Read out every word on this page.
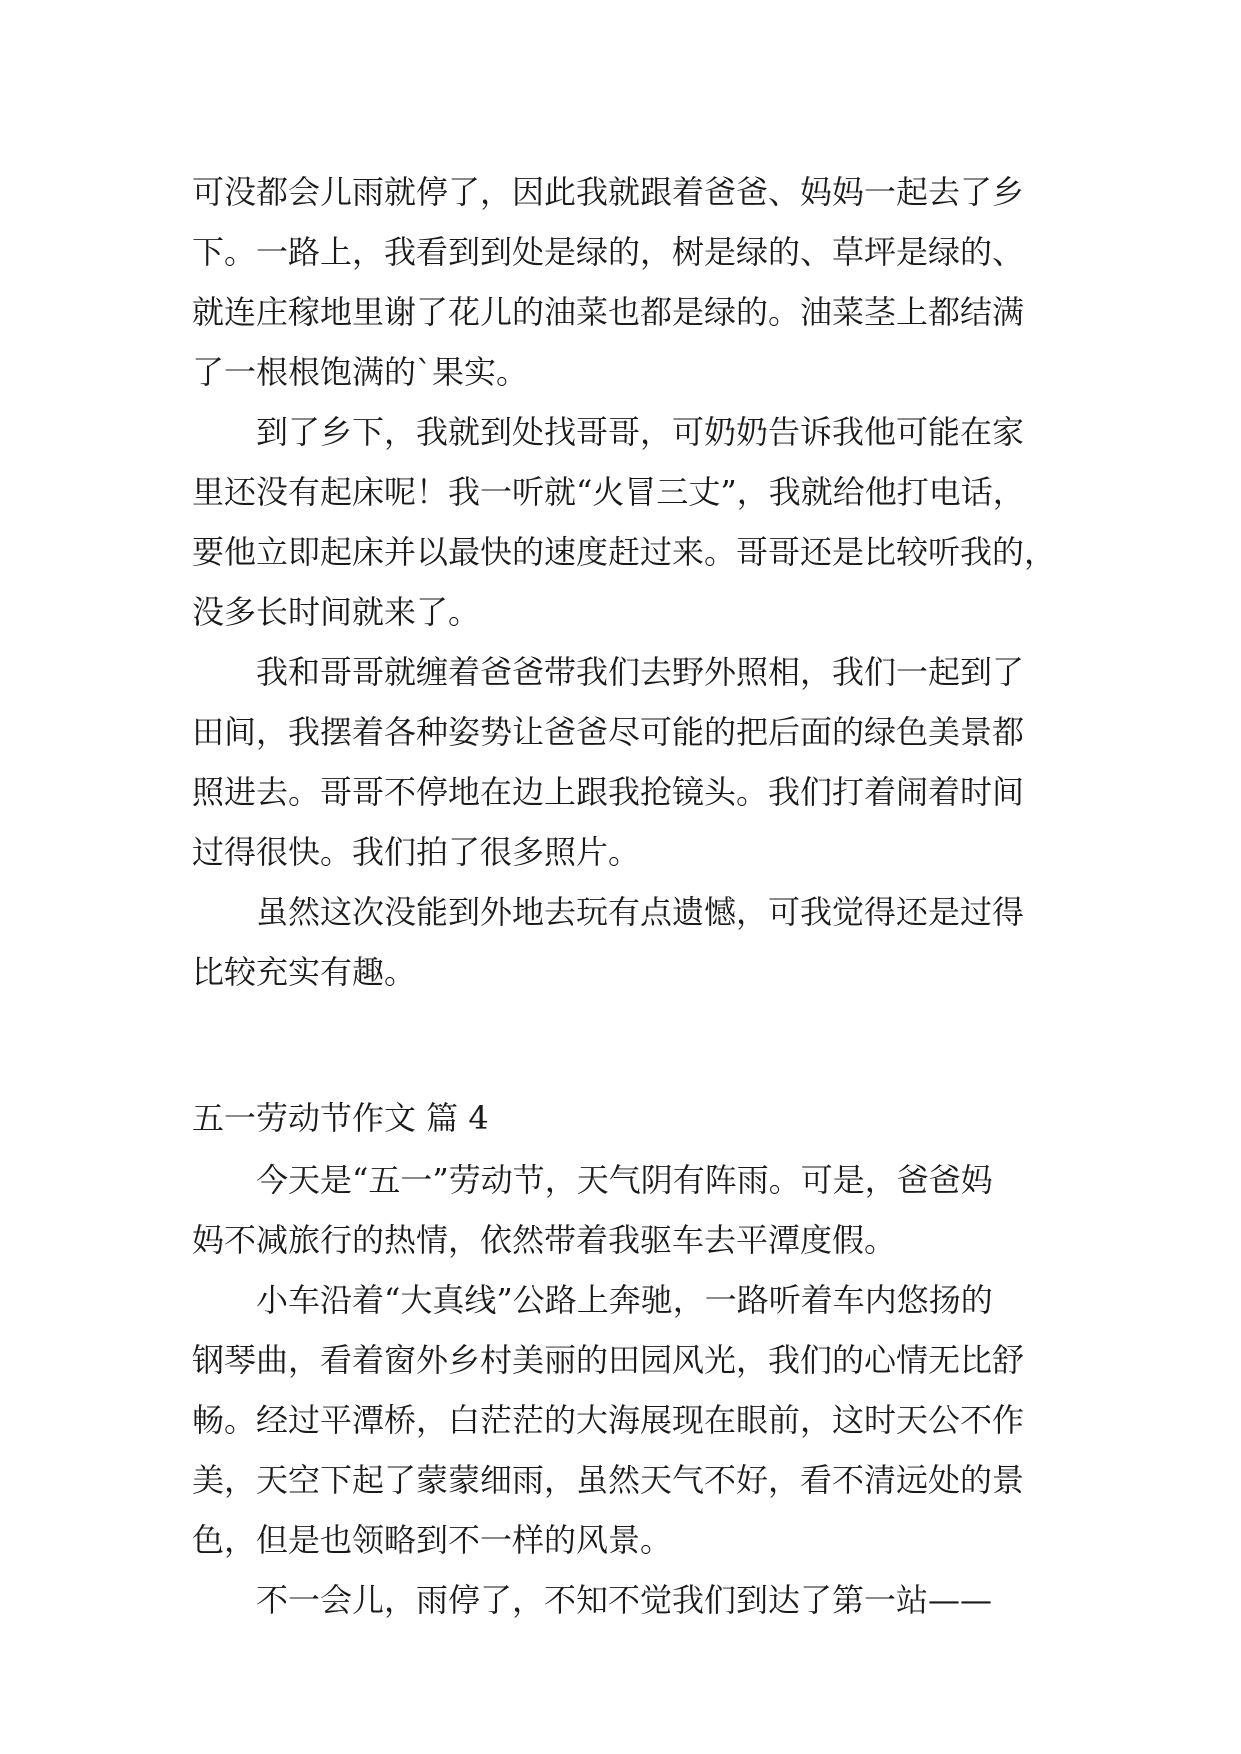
可没都会儿雨就停了，因此我就跟着爸爸、妈妈一起去了乡
下。一路上，我看到到处是绿的，树是绿的、草坪是绿的、
就连庄稼地里谢了花儿的油菜也都是绿的。油菜茎上都结满
了一根根饱满的`果实。
到了乡下，我就到处找哥哥，可奶奶告诉我他可能在家
里还没有起床呢！我一听就“火冒三丈”，我就给他打电话，
要他立即起床并以最快的速度赶过来。哥哥还是比较听我的，
没多长时间就来了。
我和哥哥就缠着爸爸带我们去野外照相，我们一起到了
田间，我摆着各种姿势让爸爸尽可能的把后面的绿色美景都
照进去。哥哥不停地在边上跟我抢镜头。我们打着闹着时间
过得很快。我们拍了很多照片。
虽然这次没能到外地去玩有点遗憾，可我觉得还是过得
比较充实有趣。
五一劳动节作文 篇 4
今天是“五一”劳动节，天气阴有阵雨。可是，爸爸妈
妈不减旅行的热情，依然带着我驱车去平潭度假。
小车沿着“大真线”公路上奔驰，一路听着车内悠扬的
钢琴曲，看着窗外乡村美丽的田园风光，我们的心情无比舒
畅。经过平潭桥，白茫茫的大海展现在眼前，这时天公不作
美，天空下起了蒙蒙细雨，虽然天气不好，看不清远处的景
色，但是也领略到不一样的风景。
不一会儿，雨停了，不知不觉我们到达了第一站——
